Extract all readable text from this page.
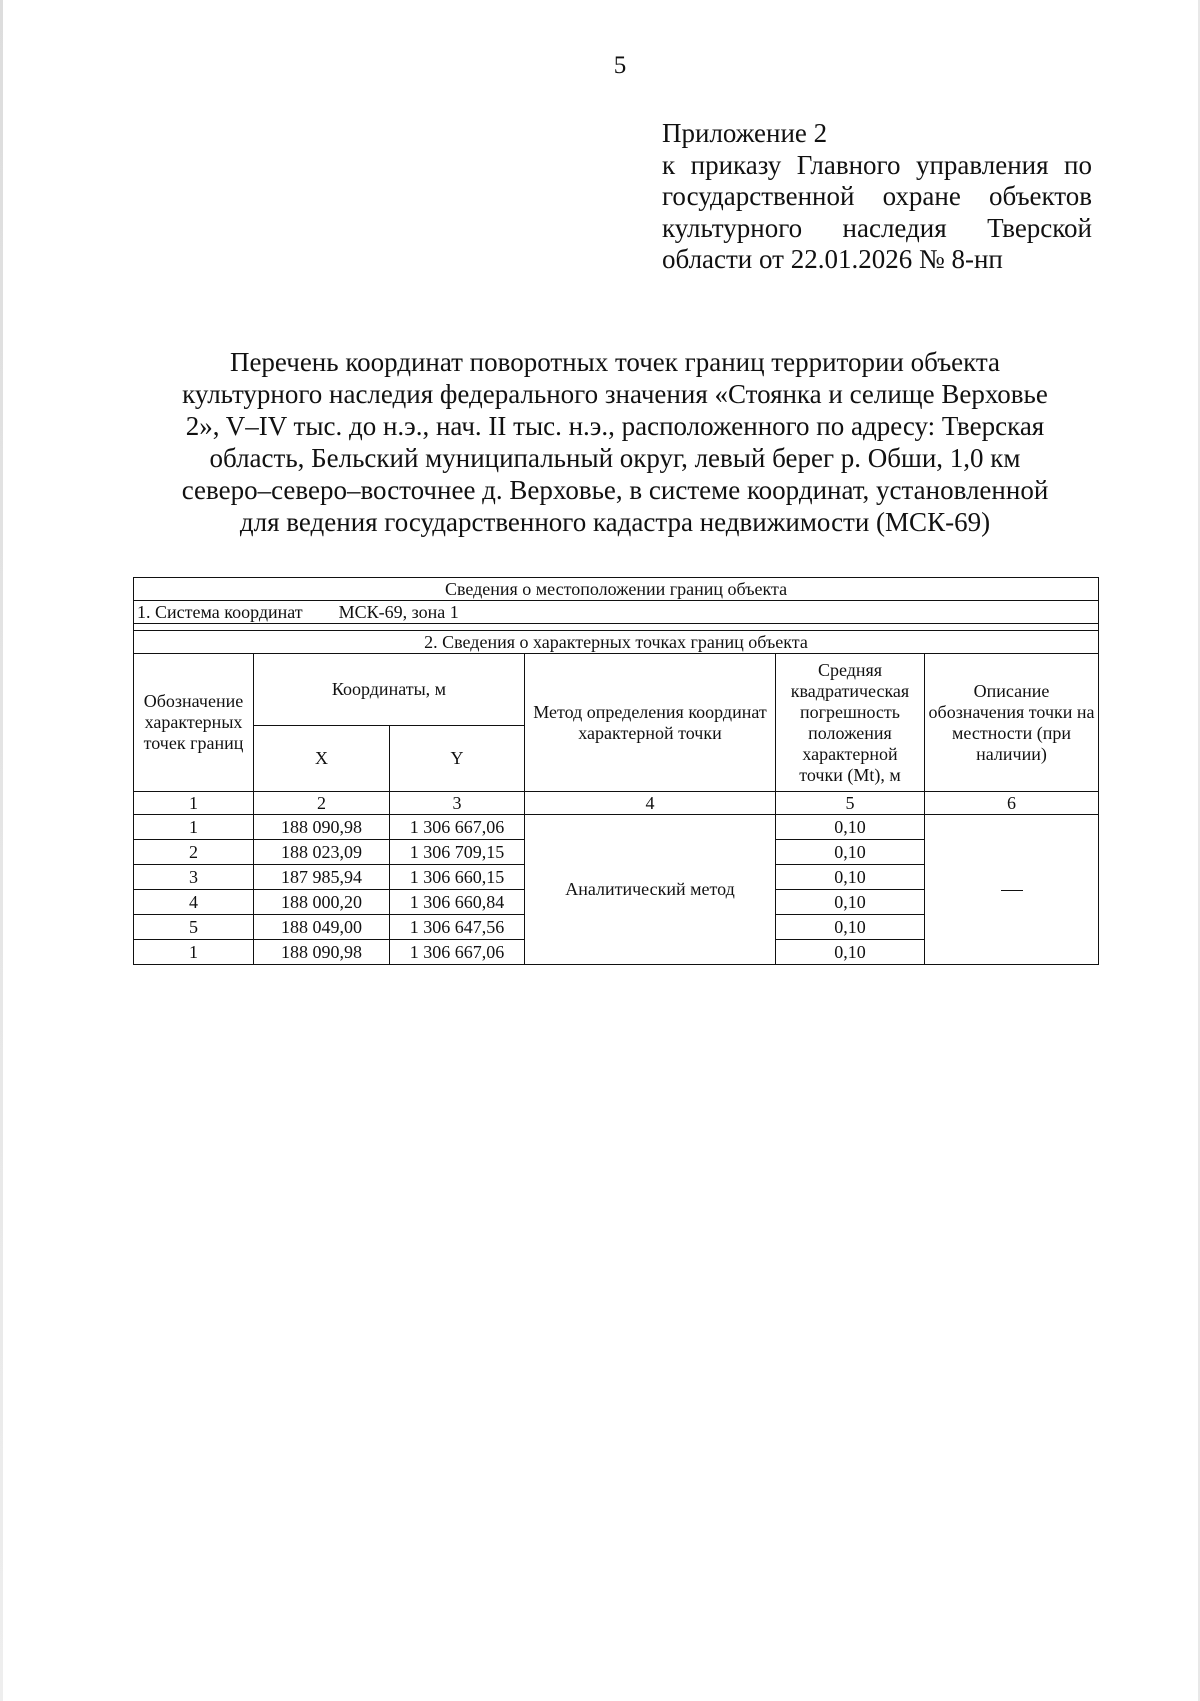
5
Приложение 2
к приказу Главного управления по
государственной охране объектов
культурного наследия Тверской
области от 22.01.2026 № 8-нп
Перечень координат поворотных точек границ территории объекта
культурного наследия федерального значения «Стоянка и селище Верховье
2», V–IV тыс. до н.э., нач. II тыс. н.э., расположенного по адресу: Тверская
область, Бельский муниципальный округ, левый берег р. Обши, 1,0 км
северо–северо–восточнее д. Верховье, в системе координат, установленной
для ведения государственного кадастра недвижимости (МСК-69)
Сведения о местоположении границ объекта					
1. Система координат МСК-69, зона 1					

2. Сведения о характерных точках границ объекта					
Обозначение характерных точек границ	Координаты, м		Метод определения координат характерной точки	Средняя квадратическая погрешность положения характерной точки (Mt), м	Описание обозначения точки на местности (при наличии)
	X	Y			
1	2	3	4	5	6
1	188 090,98	1 306 667,06	Аналитический метод	0,10	
2	188 023,09	1 306 709,15		0,10	
3	187 985,94	1 306 660,15		0,10	
4	188 000,20	1 306 660,84		0,10	
5	188 049,00	1 306 647,56		0,10	
1	188 090,98	1 306 667,06		0,10	
